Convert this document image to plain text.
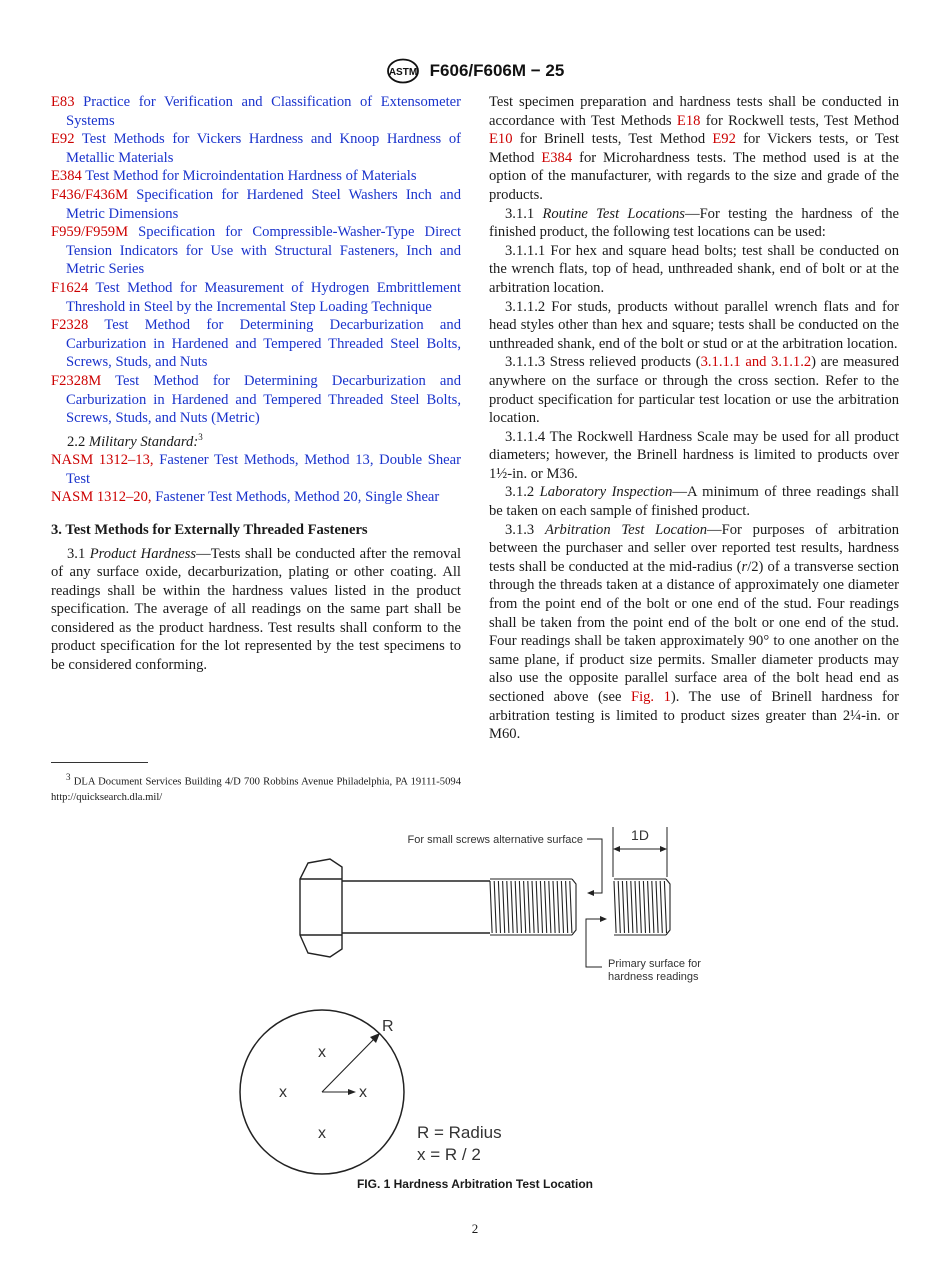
ASTM F606/F606M − 25

E83 Practice for Verification and Classification of Extensometer Systems

E92 Test Methods for Vickers Hardness and Knoop Hardness of Metallic Materials

E384 Test Method for Microindentation Hardness of Materials

F436/F436M Specification for Hardened Steel Washers Inch and Metric Dimensions

F959/F959M Specification for Compressible-Washer-Type Direct Tension Indicators for Use with Structural Fasteners, Inch and Metric Series

F1624 Test Method for Measurement of Hydrogen Embrittlement Threshold in Steel by the Incremental Step Loading Technique

F2328 Test Method for Determining Decarburization and Carburization in Hardened and Tempered Threaded Steel Bolts, Screws, Studs, and Nuts

F2328M Test Method for Determining Decarburization and Carburization in Hardened and Tempered Threaded Steel Bolts, Screws, Studs, and Nuts (Metric)

2.2 Military Standard:$^3$

NASM 1312–13, Fastener Test Methods, Method 13, Double Shear Test

NASM 1312–20, Fastener Test Methods, Method 20, Single Shear

3. Test Methods for Externally Threaded Fasteners

3.1 Product Hardness—Tests shall be conducted after the removal of any surface oxide, decarburization, plating or other coating. All readings shall be within the hardness values listed in the product specification. The average of all readings on the same part shall be considered as the product hardness. Test results shall conform to the product specification for the lot represented by the test specimens to be considered conforming.

$^3$ DLA Document Services Building 4/D 700 Robbins Avenue Philadelphia, PA 19111-5094 http://quicksearch.dla.mil/

Test specimen preparation and hardness tests shall be conducted in accordance with Test Methods E18 for Rockwell tests, Test Method E10 for Brinell tests, Test Method E92 for Vickers tests, or Test Method E384 for Microhardness tests. The method used is at the option of the manufacturer, with regards to the size and grade of the products.

3.1.1 Routine Test Locations—For testing the hardness of the finished product, the following test locations can be used:

3.1.1.1 For hex and square head bolts; test shall be conducted on the wrench flats, top of head, unthreaded shank, end of bolt or at the arbitration location.

3.1.1.2 For studs, products without parallel wrench flats and for head styles other than hex and square; tests shall be conducted on the unthreaded shank, end of the bolt or stud or at the arbitration location.

3.1.1.3 Stress relieved products (3.1.1.1 and 3.1.1.2) are measured anywhere on the surface or through the cross section. Refer to the product specification for particular test location or use the arbitration location.

3.1.1.4 The Rockwell Hardness Scale may be used for all product diameters; however, the Brinell hardness is limited to products over 1½-in. or M36.

3.1.2 Laboratory Inspection—A minimum of three readings shall be taken on each sample of finished product.

3.1.3 Arbitration Test Location—For purposes of arbitration between the purchaser and seller over reported test results, hardness tests shall be conducted at the mid-radius (r/2) of a transverse section through the threads taken at a distance of approximately one diameter from the point end of the bolt or one end of the stud. Four readings shall be taken from the point end of the bolt or one end of the stud. Four readings shall be taken approximately 90° to one another on the same plane, if product size permits. Smaller diameter products may also use the opposite parallel surface area of the bolt head end as sectioned above (see Fig. 1). The use of Brinell hardness for arbitration testing is limited to product sizes greater than 2¼-in. or M60.

For small screws alternative surface	1D
Primary surface for
hardness readings
R
x
x	x
x	R = Radius
x = R / 2
FIG. 1 Hardness Arbitration Test Location
2
